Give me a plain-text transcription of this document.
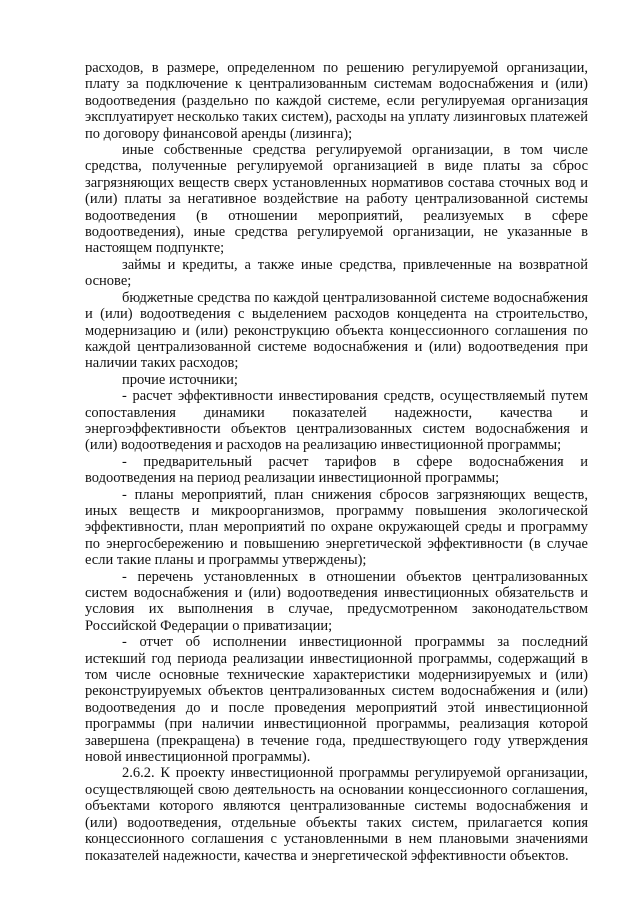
расходов, в размере, определенном по решению регулируемой организации, плату за подключение к централизованным системам водоснабжения и (или) водоотведения (раздельно по каждой системе, если регулируемая организация эксплуатирует несколько таких систем), расходы на уплату лизинговых платежей по договору финансовой аренды (лизинга);

иные собственные средства регулируемой организации, в том числе средства, полученные регулируемой организацией в виде платы за сброс загрязняющих веществ сверх установленных нормативов состава сточных вод и (или) платы за негативное воздействие на работу централизованной системы водоотведения (в отношении мероприятий, реализуемых в сфере водоотведения), иные средства регулируемой организации, не указанные в настоящем подпункте;

займы и кредиты, а также иные средства, привлеченные на возвратной основе;

бюджетные средства по каждой централизованной системе водоснабжения и (или) водоотведения с выделением расходов концедента на строительство, модернизацию и (или) реконструкцию объекта концессионного соглашения по каждой централизованной системе водоснабжения и (или) водоотведения при наличии таких расходов;

прочие источники;

- расчет эффективности инвестирования средств, осуществляемый путем сопоставления динамики показателей надежности, качества и энергоэффективности объектов централизованных систем водоснабжения и (или) водоотведения и расходов на реализацию инвестиционной программы;

- предварительный расчет тарифов в сфере водоснабжения и водоотведения на период реализации инвестиционной программы;

- планы мероприятий, план снижения сбросов загрязняющих веществ, иных веществ и микроорганизмов, программу повышения экологической эффективности, план мероприятий по охране окружающей среды и программу по энергосбережению и повышению энергетической эффективности (в случае если такие планы и программы утверждены);

- перечень установленных в отношении объектов централизованных систем водоснабжения и (или) водоотведения инвестиционных обязательств и условия их выполнения в случае, предусмотренном законодательством Российской Федерации о приватизации;

- отчет об исполнении инвестиционной программы за последний истекший год периода реализации инвестиционной программы, содержащий в том числе основные технические характеристики модернизируемых и (или) реконструируемых объектов централизованных систем водоснабжения и (или) водоотведения до и после проведения мероприятий этой инвестиционной программы (при наличии инвестиционной программы, реализация которой завершена (прекращена) в течение года, предшествующего году утверждения новой инвестиционной программы).

2.6.2. К проекту инвестиционной программы регулируемой организации, осуществляющей свою деятельность на основании концессионного соглашения, объектами которого являются централизованные системы водоснабжения и (или) водоотведения, отдельные объекты таких систем, прилагается копия концессионного соглашения с установленными в нем плановыми значениями показателей надежности, качества и энергетической эффективности объектов.
